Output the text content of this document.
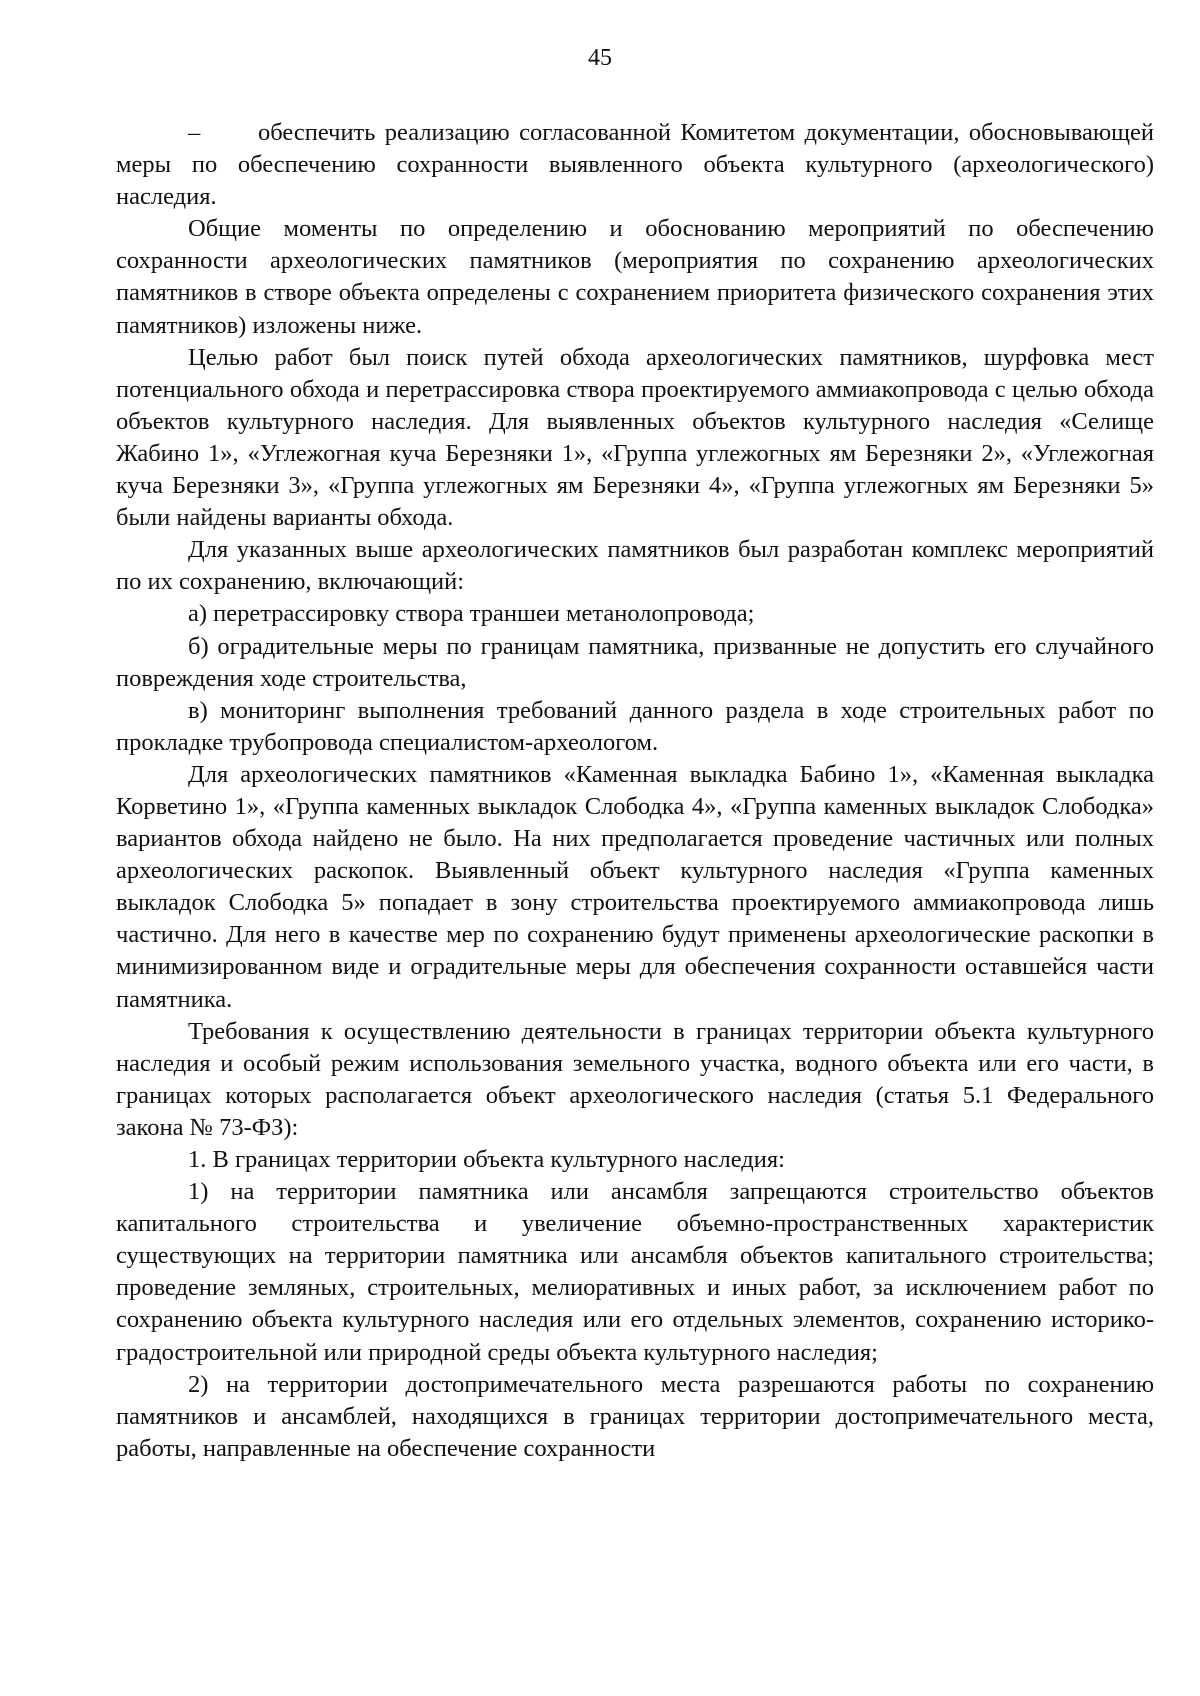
45

– обеспечить реализацию согласованной Комитетом документации, обосновывающей меры по обеспечению сохранности выявленного объекта культурного (археологического) наследия.

Общие моменты по определению и обоснованию мероприятий по обеспечению сохранности археологических памятников (мероприятия по сохранению археологических памятников в створе объекта определены с сохранением приоритета физического сохранения этих памятников) изложены ниже.

Целью работ был поиск путей обхода археологических памятников, шурфовка мест потенциального обхода и перетрассировка створа проектируемого аммиакопровода с целью обхода объектов культурного наследия. Для выявленных объектов культурного наследия «Селище Жабино 1», «Углежогная куча Березняки 1», «Группа углежогных ям Березняки 2», «Углежогная куча Березняки 3», «Группа углежогных ям Березняки 4», «Группа углежогных ям Березняки 5» были найдены варианты обхода.

Для указанных выше археологических памятников был разработан комплекс мероприятий по их сохранению, включающий:

а) перетрассировку створа траншеи метанолопровода;

б) оградительные меры по границам памятника, призванные не допустить его случайного повреждения ходе строительства,

в) мониторинг выполнения требований данного раздела в ходе строительных работ по прокладке трубопровода специалистом-археологом.

Для археологических памятников «Каменная выкладка Бабино 1», «Каменная выкладка Корветино 1», «Группа каменных выкладок Слободка 4», «Группа каменных выкладок Слободка» вариантов обхода найдено не было. На них предполагается проведение частичных или полных археологических раскопок. Выявленный объект культурного наследия «Группа каменных выкладок Слободка 5» попадает в зону строительства проектируемого аммиакопровода лишь частично. Для него в качестве мер по сохранению будут применены археологические раскопки в минимизированном виде и оградительные меры для обеспечения сохранности оставшейся части памятника.

Требования к осуществлению деятельности в границах территории объекта культурного наследия и особый режим использования земельного участка, водного объекта или его части, в границах которых располагается объект археологического наследия (статья 5.1 Федерального закона № 73-ФЗ):

1. В границах территории объекта культурного наследия:

1) на территории памятника или ансамбля запрещаются строительство объектов капитального строительства и увеличение объемно-пространственных характеристик существующих на территории памятника или ансамбля объектов капитального строительства; проведение земляных, строительных, мелиоративных и иных работ, за исключением работ по сохранению объекта культурного наследия или его отдельных элементов, сохранению историко-градостроительной или природной среды объекта культурного наследия;

2) на территории достопримечательного места разрешаются работы по сохранению памятников и ансамблей, находящихся в границах территории достопримечательного места, работы, направленные на обеспечение сохранности
